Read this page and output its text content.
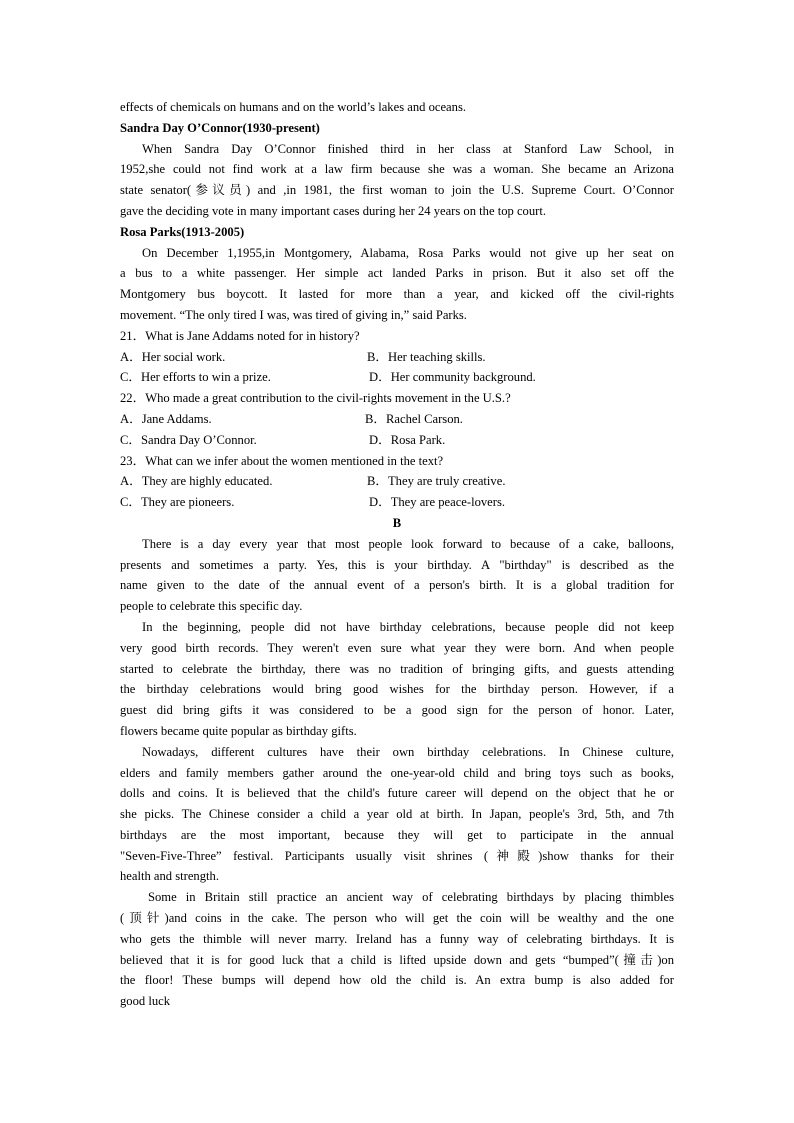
effects of chemicals on humans and on the world’s lakes and oceans.
Sandra Day O’Connor(1930-present)
When Sandra Day O’Connor finished third in her class at Stanford Law School, in
1952,she could not find work at a law firm because she was a woman. She became an Arizona
state senator(参议员) and ,in 1981, the first woman to join the U.S. Supreme Court. O’Connor
gave the deciding vote in many important cases during her 24 years on the top court.
Rosa Parks(1913-2005)
On December 1,1955,in Montgomery, Alabama, Rosa Parks would not give up her seat on
a bus to a white passenger. Her simple act landed Parks in prison. But it also set off the
Montgomery bus boycott. It lasted for more than a year, and kicked off the civil-rights
movement. “The only tired I was, was tired of giving in,” said Parks.
21．What is Jane Addams noted for in history?
A．Her social work.	B．Her teaching skills.
C．Her efforts to win a prize.	D．Her community background.
22．Who made a great contribution to the civil-rights movement in the U.S.?
A．Jane Addams.	B．Rachel Carson.
C．Sandra Day O’Connor.	D．Rosa Park.
23．What can we infer about the women mentioned in the text?
A．They are highly educated.	B．They are truly creative.
C．They are pioneers.	D．They are peace-lovers.
B
There is a day every year that most people look forward to because of a cake, balloons,
presents and sometimes a party. Yes, this is your birthday. A "birthday" is described as the
name given to the date of the annual event of a person's birth. It is a global tradition for
people to celebrate this specific day.
In the beginning, people did not have birthday celebrations, because people did not keep
very good birth records. They weren't even sure what year they were born. And when people
started to celebrate the birthday, there was no tradition of bringing gifts, and guests attending
the birthday celebrations would bring good wishes for the birthday person. However, if a
guest did bring gifts it was considered to be a good sign for the person of honor. Later,
flowers became quite popular as birthday gifts.
Nowadays, different cultures have their own birthday celebrations. In Chinese culture,
elders and family members gather around the one-year-old child and bring toys such as books,
dolls and coins. It is believed that the child's future career will depend on the object that he or
she picks. The Chinese consider a child a year old at birth. In Japan, people's 3rd, 5th, and 7th
birthdays are the most important, because they will get to participate in the annual
"Seven-Five-Three” festival. Participants usually visit shrines (神殿)show thanks for their
health and strength.
Some in Britain still practice an ancient way of celebrating birthdays by placing thimbles
(顶针)and coins in the cake. The person who will get the coin will be wealthy and the one
who gets the thimble will never marry. Ireland has a funny way of celebrating birthdays. It is
believed that it is for good luck that a child is lifted upside down and gets “bumped”(撞击)on
the floor! These bumps will depend how old the child is. An extra bump is also added for
good luck
